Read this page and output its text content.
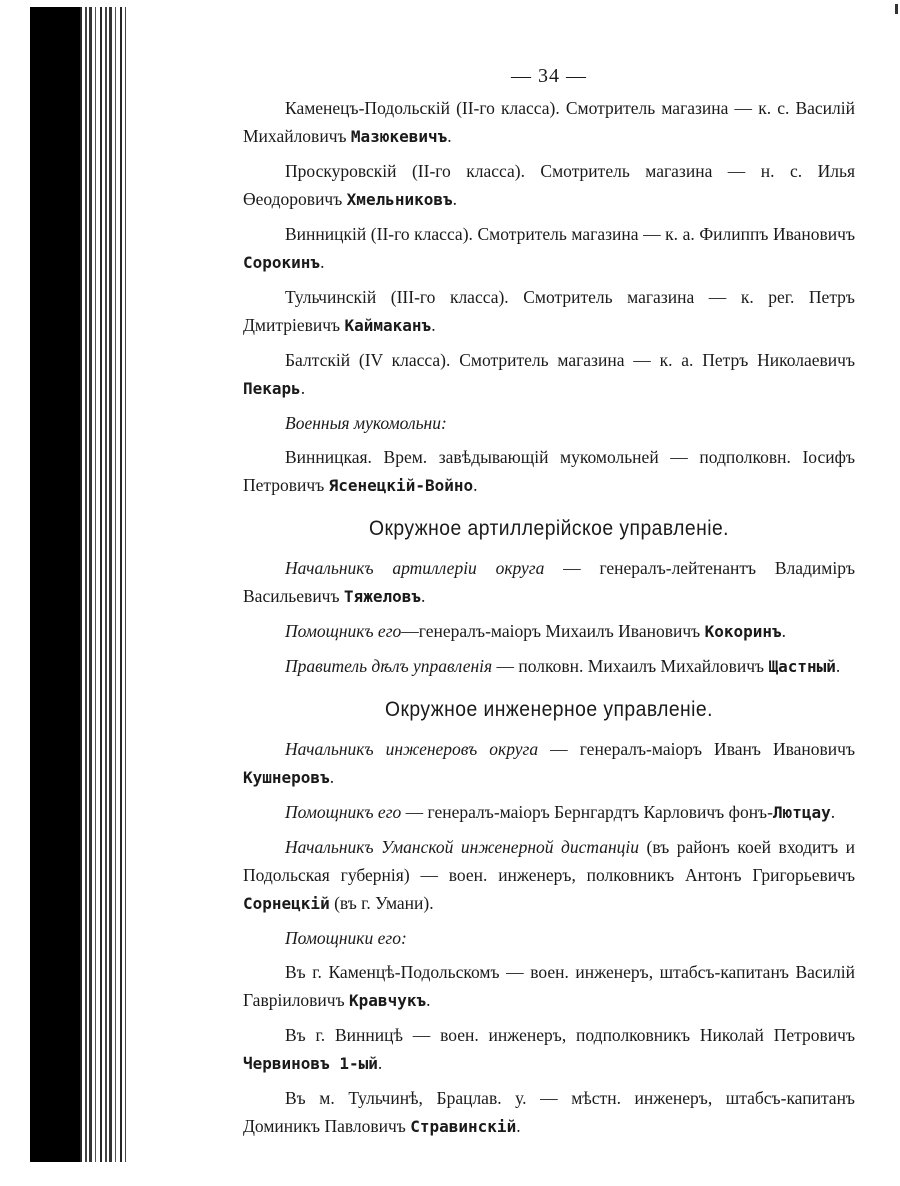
— 34 —

Каменецъ-Подольскій (II-го класса). Смотритель магазина — к. с. Василій Михайловичъ Мазюкевичъ.

Проскуровскій (II-го класса). Смотритель магазина — н. с. Илья Өеодоровичъ Хмельниковъ.

Винницкій (II-го класса). Смотритель магазина — к. а. Филиппъ Ивановичъ Сорокинъ.

Тульчинскій (III-го класса). Смотритель магазина — к. рег. Петръ Дмитріевичъ Каймаканъ.

Балтскій (IV класса). Смотритель магазина — к. а. Петръ Николаевичъ Пекарь.

Военныя мукомольни:

Винницкая. Врем. завѣдывающій мукомольней — подполковн. Іосифъ Петровичъ Ясенецкій-Войно.

Окружное артиллерійское управленіе.

Начальникъ артиллеріи округа — генералъ-лейтенантъ Владиміръ Васильевичъ Тяжеловъ.

Помощникъ его—генералъ-маіоръ Михаилъ Ивановичъ Кокоринъ.

Правитель дѣлъ управленія — полковн. Михаилъ Михайловичъ Щастный.

Окружное инженерное управленіе.

Начальникъ инженеровъ округа — генералъ-маіоръ Иванъ Ивановичъ Кушнеровъ.

Помощникъ его — генералъ-маіоръ Бернгардтъ Карловичъ фонъ-Лютцау.

Начальникъ Уманской инженерной дистанціи (въ районъ коей входитъ и Подольская губернія) — воен. инженеръ, полковникъ Антонъ Григорьевичъ Сорнецкій (въ г. Умани).

Помощники его:

Въ г. Каменцѣ-Подольскомъ — воен. инженеръ, штабсъ-капитанъ Василій Гавріиловичъ Кравчукъ.

Въ г. Винницѣ — воен. инженеръ, подполковникъ Николай Петровичъ Червиновъ 1-ый.

Въ м. Тульчинѣ, Брацлав. у. — мѣстн. инженеръ, штабсъ-капитанъ Доминикъ Павловичъ Стравинскій.
